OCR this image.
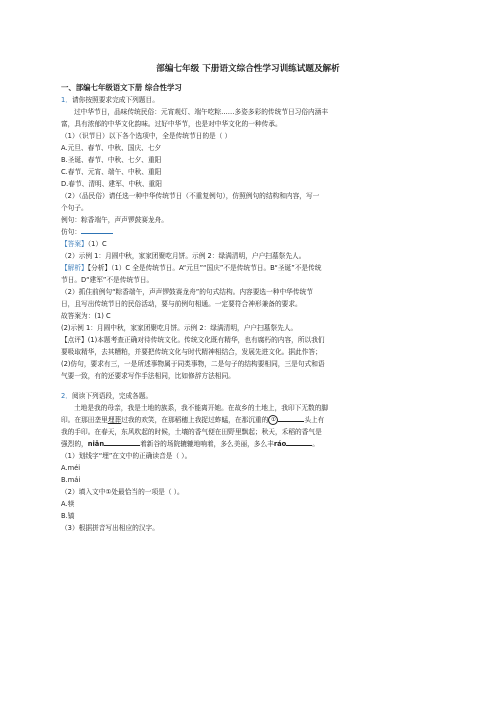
部编七年级 下册语文综合性学习训练试题及解析
一、部编七年级语文下册 综合性学习

1．请你按照要求完成下列题目。

过中华节日，品味传统民俗：元宵观灯、端午吃粽……多姿多彩的传统节日习俗内涵丰

富，具有浓郁的中华文化韵味。过好中华节，也是对中华文化的一种传承。

（1）（识节日）以下各个选项中，全是传统节日的是（ ）

A.元旦、春节、中秋、国庆、七夕

B.圣诞、春节、中秋、七夕、重阳

C.春节、元宵、端午、中秋、重阳

D.春节、清明、建军、中秋、重阳

（2）（品民俗）请任选一种中华传统节日（不重复例句），仿照例句的结构和内容，写一

个句子。

例句：粽香端午，声声锣鼓赛龙舟。

仿句：

【答案】（1）C

（2）示例 1：月圆中秋，家家团聚吃月饼。示例 2：绿满清明，户户扫墓祭先人。

【解析】【分析】（1）C 全是传统节日。A“元旦”“国庆”不是传统节日。B“圣诞”不是传统

节日。D“建军”不是传统节日。

（2）抓住前例句“粽香端午，声声锣鼓赛龙舟”的句式结构。内容要选一种中华传统节

日，且写出传统节日的民俗活动，要与前例句相通。一定要符合神形兼备的要求。

故答案为：(1) C

(2)示例 1：月圆中秋，家家团聚吃月饼。示例 2：绿满清明，户户扫墓祭先人。

【点评】(1)本题考查正确对待传统文化。传统文化既有精华，也有腐朽的内容，所以我们

要吸取精华，去其糟粕，并要把传统文化与时代精神相结合，发展先进文化。据此作答；

(2)仿句，要求有三，一是所述事物属于同类事物，二是句子的结构要相同，三是句式和语

气要一致，有的还要求写作手法相同，比如修辞方法相同。

2．阅读下列语段，完成各题。

土地是我的母亲，我是土地的族系，我不能离开她。在故乡的土地上，我印下无数的脚

印。在那田垄里埋葬过我的欢笑，在那稻穗上我捉过蚱蜢，在那沉重的 ①	头上有

我的手印。在春天，东风吹起的时候，土壤的香气便在田野里飘起；秋天，禾稻的香气是

强烈的，niǎn	着新谷的场院辘辘地响着，多么美丽，多么丰ráo	。

（1）划线字“埋”在文中的正确读音是（ ）。

A.méi

B.mái

（2）填入文中①处最恰当的一项是（ ）。

A.犊

B.镐

（3）根据拼音写出相应的汉字。
